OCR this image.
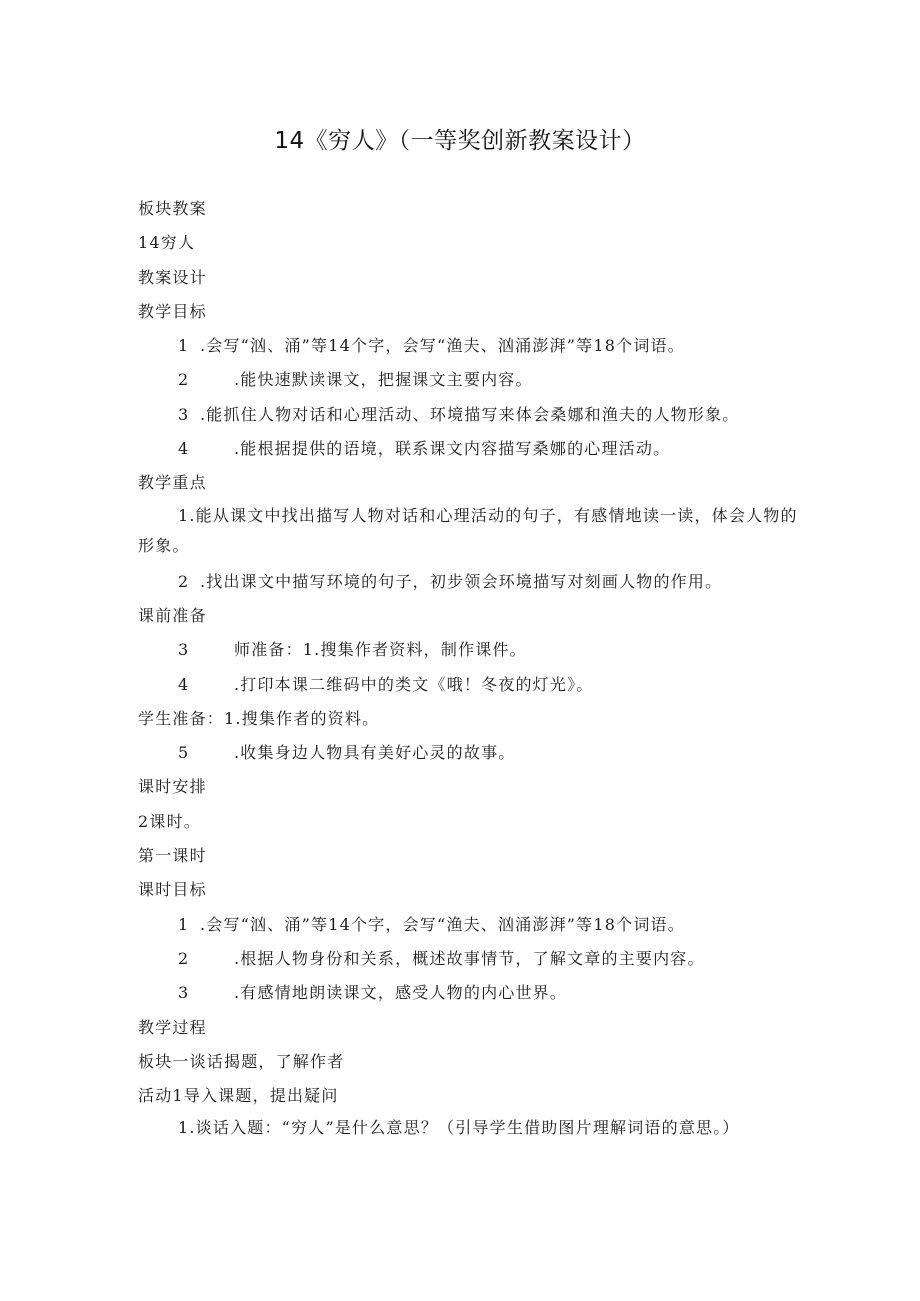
14《穷人》（一等奖创新教案设计）

板块教案

14穷人

教案设计

教学目标

1 .会写“汹、涌”等14个字，会写“渔夫、汹涌澎湃”等18个词语。

2	.能快速默读课文，把握课文主要内容。

3 .能抓住人物对话和心理活动、环境描写来体会桑娜和渔夫的人物形象。

4	.能根据提供的语境，联系课文内容描写桑娜的心理活动。

教学重点

1.能从课文中找出描写人物对话和心理活动的句子，有感情地读一读，体会人物的形象。

2 .找出课文中描写环境的句子，初步领会环境描写对刻画人物的作用。

课前准备

3	师准备：1.搜集作者资料，制作课件。

4	.打印本课二维码中的类文《哦！冬夜的灯光》。

学生准备：1.搜集作者的资料。

5	.收集身边人物具有美好心灵的故事。

课时安排

2课时。

第一课时

课时目标

1 .会写“汹、涌”等14个字，会写“渔夫、汹涌澎湃”等18个词语。

2	.根据人物身份和关系，概述故事情节，了解文章的主要内容。

3	.有感情地朗读课文，感受人物的内心世界。

教学过程

板块一谈话揭题，了解作者

活动1导入课题，提出疑问

1.谈话入题：“穷人”是什么意思？（引导学生借助图片理解词语的意思。）
